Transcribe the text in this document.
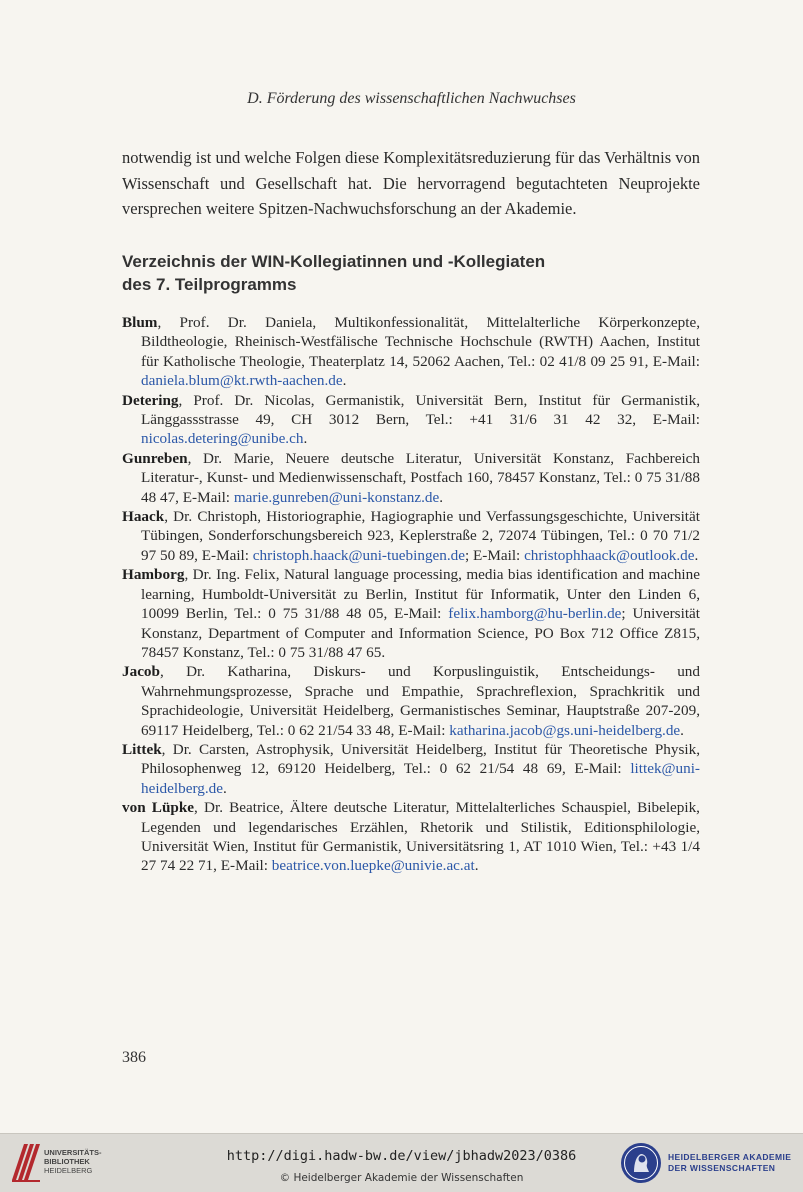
D. Förderung des wissenschaftlichen Nachwuchses

notwendig ist und welche Folgen diese Komplexitätsreduzierung für das Verhältnis von Wissenschaft und Gesellschaft hat. Die hervorragend begutachteten Neuprojekte versprechen weitere Spitzen-Nachwuchsforschung an der Akademie.

Verzeichnis der WIN-Kollegiatinnen und -Kollegiaten
des 7. Teilprogramms
Blum, Prof. Dr. Daniela, Multikonfessionalität, Mittelalterliche Körperkonzepte, Bildtheologie, Rheinisch-Westfälische Technische Hochschule (RWTH) Aachen, Institut für Katholische Theologie, Theaterplatz 14, 52062 Aachen, Tel.: 02 41/8 09 25 91, E-Mail: daniela.blum@kt.rwth-aachen.de.
Detering, Prof. Dr. Nicolas, Germanistik, Universität Bern, Institut für Germanistik, Länggassstrasse 49, CH 3012 Bern, Tel.: +41 31/6 31 42 32, E-Mail: nicolas.detering@unibe.ch.
Gunreben, Dr. Marie, Neuere deutsche Literatur, Universität Konstanz, Fachbereich Literatur-, Kunst- und Medienwissenschaft, Postfach 160, 78457 Konstanz, Tel.: 0 75 31/88 48 47, E-Mail: marie.gunreben@uni-konstanz.de.
Haack, Dr. Christoph, Historiographie, Hagiographie und Verfassungsgeschichte, Universität Tübingen, Sonderforschungsbereich 923, Keplerstraße 2, 72074 Tübingen, Tel.: 0 70 71/2 97 50 89, E-Mail: christoph.haack@uni-tuebingen.de; E-Mail: christophhaack@outlook.de.
Hamborg, Dr. Ing. Felix, Natural language processing, media bias identification and machine learning, Humboldt-Universität zu Berlin, Institut für Informatik, Unter den Linden 6, 10099 Berlin, Tel.: 0 75 31/88 48 05, E-Mail: felix.hamborg@hu-berlin.de; Universität Konstanz, Department of Computer and Information Science, PO Box 712 Office Z815, 78457 Konstanz, Tel.: 0 75 31/88 47 65.
Jacob, Dr. Katharina, Diskurs- und Korpuslinguistik, Entscheidungs- und Wahrnehmungsprozesse, Sprache und Empathie, Sprachreflexion, Sprachkritik und Sprachideologie, Universität Heidelberg, Germanistisches Seminar, Hauptstraße 207-209, 69117 Heidelberg, Tel.: 0 62 21/54 33 48, E-Mail: katharina.jacob@gs.uni-heidelberg.de.
Littek, Dr. Carsten, Astrophysik, Universität Heidelberg, Institut für Theoretische Physik, Philosophenweg 12, 69120 Heidelberg, Tel.: 0 62 21/54 48 69, E-Mail: littek@uni-heidelberg.de.
von Lüpke, Dr. Beatrice, Ältere deutsche Literatur, Mittelalterliches Schauspiel, Bibelepik, Legenden und legendarisches Erzählen, Rhetorik und Stilistik, Editionsphilologie, Universität Wien, Institut für Germanistik, Universitätsring 1, AT 1010 Wien, Tel.: +43 1/4 27 74 22 71, E-Mail: beatrice.von.luepke@univie.ac.at.
386
UNIVERSITÄTS-
BIBLIOTHEK
HEIDELBERG
http://digi.hadw-bw.de/view/jbhadw2023/0386
© Heidelberger Akademie der Wissenschaften
HEIDELBERGER AKADEMIE
DER WISSENSCHAFTEN
